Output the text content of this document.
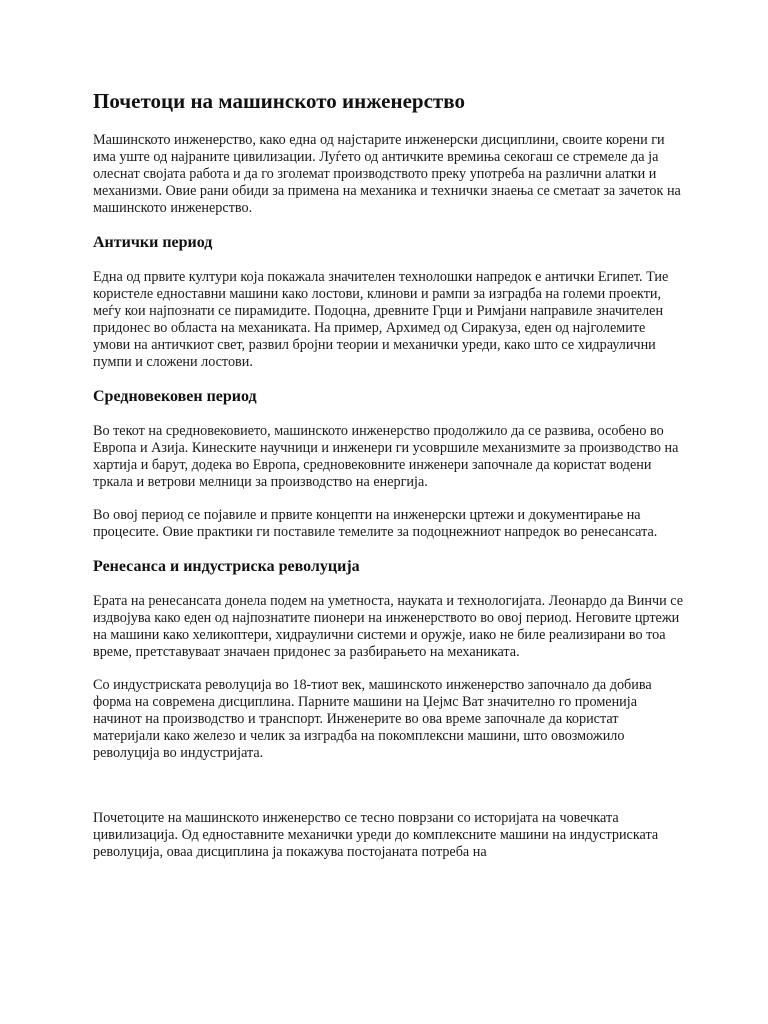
Почетоци на машинското инженерство

Машинското инженерство, како една од најстарите инженерски дисциплини, своите корени ги има уште од најраните цивилизации. Луѓето од античките времиња секогаш се стремеле да ја олеснат својата работа и да го зголемат производството преку употреба на различни алатки и механизми. Овие рани обиди за примена на механика и технички знаења се сметаат за зачеток на машинското инженерство.

Антички период

Една од првите култури која покажала значителен технолошки напредок е антички Египет. Тие користеле едноставни машини како лостови, клинови и рампи за изградба на големи проекти, меѓу кои најпознати се пирамидите. Подоцна, древните Грци и Римјани направиле значителен придонес во областа на механиката. На пример, Архимед од Сиракуза, еден од најголемите умови на античкиот свет, развил бројни теории и механички уреди, како што се хидраулични пумпи и сложени лостови.

Средновековен период

Во текот на средновековието, машинското инженерство продолжило да се развива, особено во Европа и Азија. Кинеските научници и инженери ги усовршиле механизмите за производство на хартија и барут, додека во Европа, средновековните инженери започнале да користат водени тркала и ветрови мелници за производство на енергија.

Во овој период се појавиле и првите концепти на инженерски цртежи и документирање на процесите. Овие практики ги поставиле темелите за подоцнежниот напредок во ренесансата.

Ренесанса и индустриска револуција

Ерата на ренесансата донела подем на уметноста, науката и технологијата. Леонардо да Винчи се издвојува како еден од најпознатите пионери на инженерството во овој период. Неговите цртежи на машини како хеликоптери, хидраулични системи и оружје, иако не биле реализирани во тоа време, претставуваат значаен придонес за разбирањето на механиката.

Со индустриската револуција во 18-тиот век, машинското инженерство започнало да добива форма на современа дисциплина. Парните машини на Џејмс Ват значително го променија начинот на производство и транспорт. Инженерите во ова време започнале да користат материјали како железо и челик за изградба на покомплексни машини, што овозможило револуција во индустријата.

Почетоците на машинското инженерство се тесно поврзани со историјата на човечката цивилизација. Од едноставните механички уреди до комплексните машини на индустриската револуција, оваа дисциплина ја покажува постојаната потреба на
